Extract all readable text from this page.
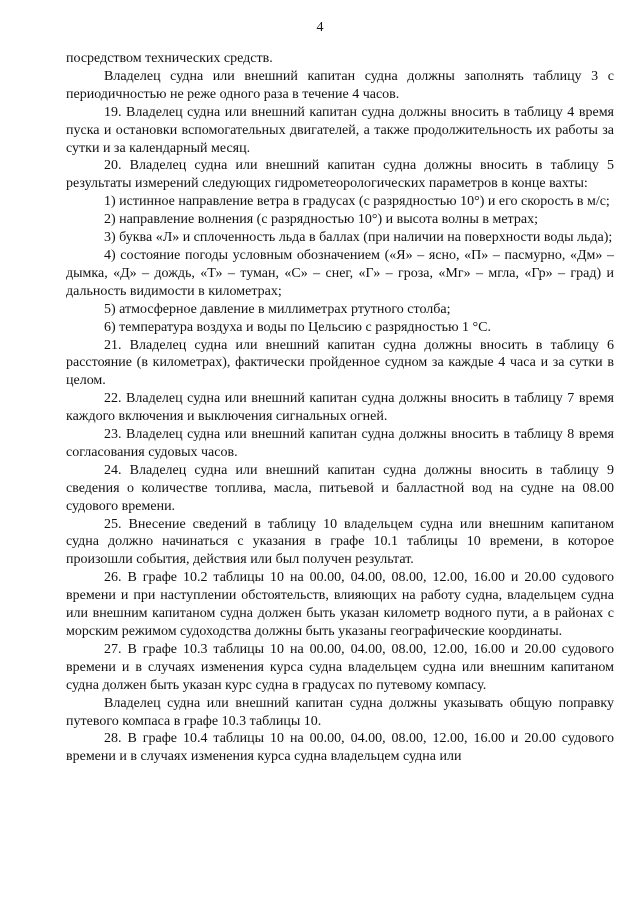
4

посредством технических средств.

Владелец судна или внешний капитан судна должны заполнять таблицу 3 с периодичностью не реже одного раза в течение 4 часов.

19. Владелец судна или внешний капитан судна должны вносить в таблицу 4 время пуска и остановки вспомогательных двигателей, а также продолжительность их работы за сутки и за календарный месяц.

20. Владелец судна или внешний капитан судна должны вносить в таблицу 5 результаты измерений следующих гидрометеорологических параметров в конце вахты:

1) истинное направление ветра в градусах (с разрядностью 10°) и его скорость в м/с;

2) направление волнения (с разрядностью 10°) и высота волны в метрах;

3) буква «Л» и сплоченность льда в баллах (при наличии на поверхности воды льда);

4) состояние погоды условным обозначением («Я» – ясно, «П» – пасмурно, «Дм» – дымка, «Д» – дождь, «Т» – туман, «С» – снег, «Г» – гроза, «Мг» – мгла, «Гр» – град) и дальность видимости в километрах;

5) атмосферное давление в миллиметрах ртутного столба;

6) температура воздуха и воды по Цельсию с разрядностью 1 °С.

21. Владелец судна или внешний капитан судна должны вносить в таблицу 6 расстояние (в километрах), фактически пройденное судном за каждые 4 часа и за сутки в целом.

22. Владелец судна или внешний капитан судна должны вносить в таблицу 7 время каждого включения и выключения сигнальных огней.

23. Владелец судна или внешний капитан судна должны вносить в таблицу 8 время согласования судовых часов.

24. Владелец судна или внешний капитан судна должны вносить в таблицу 9 сведения о количестве топлива, масла, питьевой и балластной вод на судне на 08.00 судового времени.

25. Внесение сведений в таблицу 10 владельцем судна или внешним капитаном судна должно начинаться с указания в графе 10.1 таблицы 10 времени, в которое произошли события, действия или был получен результат.

26. В графе 10.2 таблицы 10 на 00.00, 04.00, 08.00, 12.00, 16.00 и 20.00 судового времени и при наступлении обстоятельств, влияющих на работу судна, владельцем судна или внешним капитаном судна должен быть указан километр водного пути, а в районах с морским режимом судоходства должны быть указаны географические координаты.

27. В графе 10.3 таблицы 10 на 00.00, 04.00, 08.00, 12.00, 16.00 и 20.00 судового времени и в случаях изменения курса судна владельцем судна или внешним капитаном судна должен быть указан курс судна в градусах по путевому компасу.

Владелец судна или внешний капитан судна должны указывать общую поправку путевого компаса в графе 10.3 таблицы 10.

28. В графе 10.4 таблицы 10 на 00.00, 04.00, 08.00, 12.00, 16.00 и 20.00 судового времени и в случаях изменения курса судна владельцем судна или
